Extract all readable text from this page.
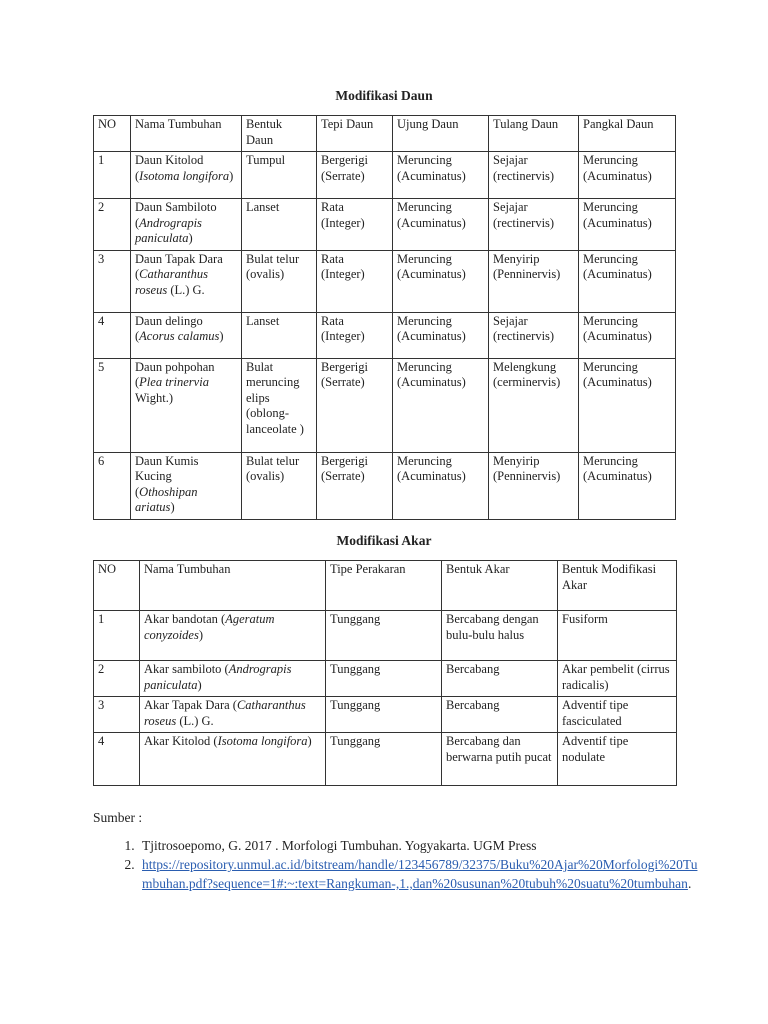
Modifikasi Daun
NO	Nama Tumbuhan	Bentuk Daun	Tepi Daun	Ujung Daun	Tulang Daun	Pangkal Daun
1	Daun Kitolod (Isotoma longifora)	Tumpul	Bergerigi (Serrate)	Meruncing (Acuminatus)	Sejajar (rectinervis)	Meruncing (Acuminatus)
2	Daun Sambiloto (Andrograpis paniculata)	Lanset	Rata (Integer)	Meruncing (Acuminatus)	Sejajar (rectinervis)	Meruncing (Acuminatus)
3	Daun Tapak Dara (Catharanthus roseus (L.) G.	Bulat telur (ovalis)	Rata (Integer)	Meruncing (Acuminatus)	Menyirip (Penninervis)	Meruncing (Acuminatus)
4	Daun delingo (Acorus calamus)	Lanset	Rata (Integer)	Meruncing (Acuminatus)	Sejajar (rectinervis)	Meruncing (Acuminatus)
5	Daun pohpohan (Plea trinervia Wight.)	Bulat meruncing elips (oblong-lanceolate )	Bergerigi (Serrate)	Meruncing (Acuminatus)	Melengkung (cerminervis)	Meruncing (Acuminatus)
6	Daun Kumis Kucing (Othoshipan ariatus)	Bulat telur (ovalis)	Bergerigi (Serrate)	Meruncing (Acuminatus)	Menyirip (Penninervis)	Meruncing (Acuminatus)
Modifikasi Akar
NO	Nama Tumbuhan	Tipe Perakaran	Bentuk Akar	Bentuk Modifikasi Akar
1	Akar bandotan (Ageratum conyzoides)	Tunggang	Bercabang dengan bulu-bulu halus	Fusiform
2	Akar sambiloto (Andrograpis paniculata)	Tunggang	Bercabang	Akar pembelit (cirrus radicalis)
3	Akar Tapak Dara (Catharanthus roseus (L.) G.	Tunggang	Bercabang	Adventif tipe fasciculated
4	Akar Kitolod (Isotoma longifora)	Tunggang	Bercabang dan berwarna putih pucat	Adventif tipe nodulate
Sumber :
1. Tjitrosoepomo, G. 2017 . Morfologi Tumbuhan. Yogyakarta. UGM Press
2. https://repository.unmul.ac.id/bitstream/handle/123456789/32375/Buku%20Ajar%20Morfologi%20Tumbuhan.pdf?sequence=1#:~:text=Rangkuman-,1.,dan%20susunan%20tubuh%20suatu%20tumbuhan.
